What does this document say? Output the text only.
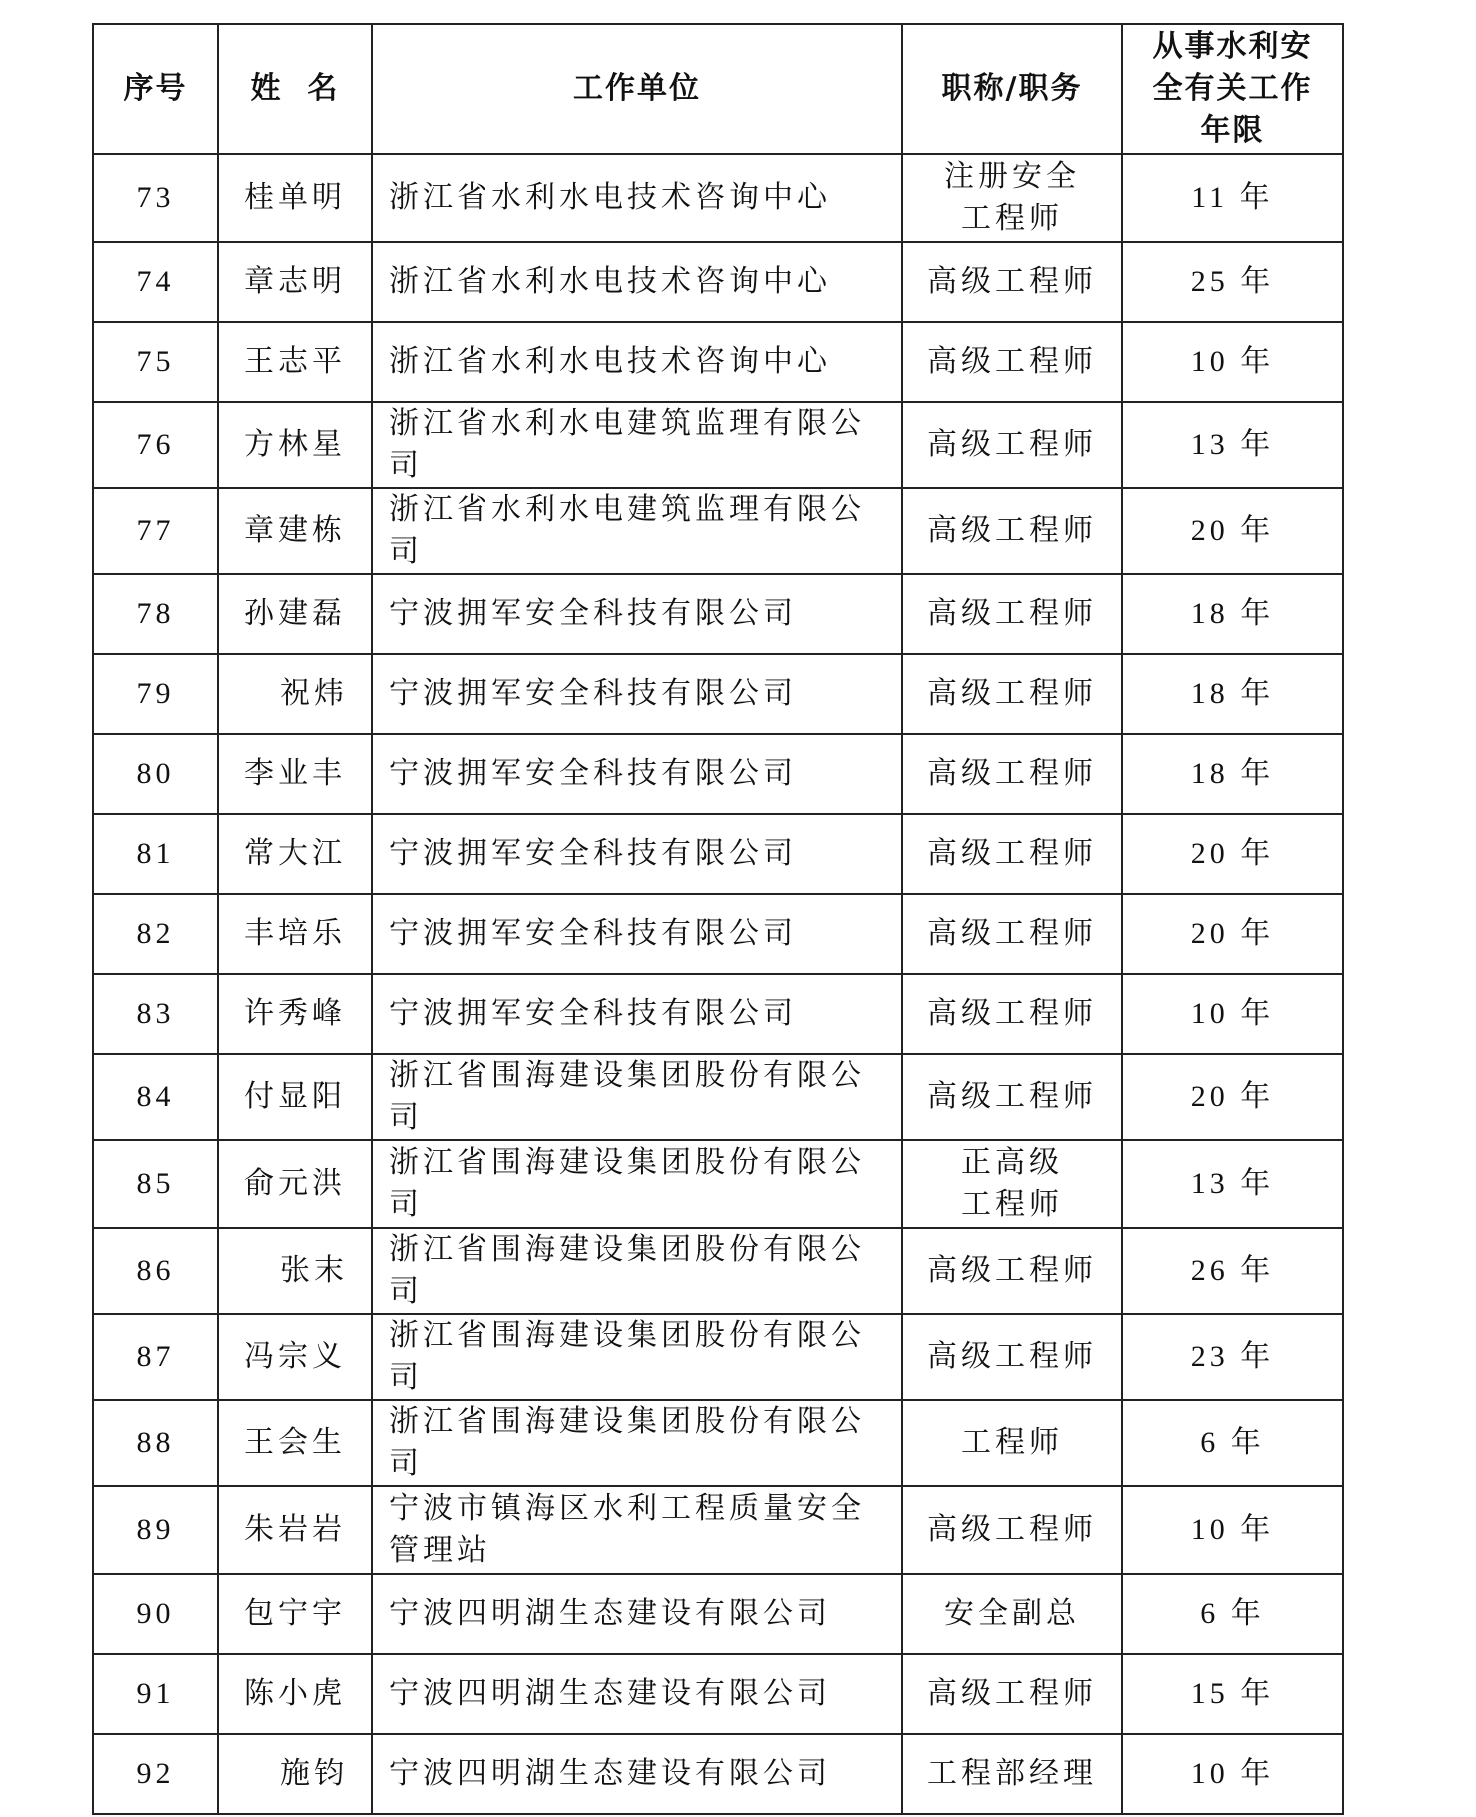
序号	姓  名	工作单位	职称/职务	从事水利安
全有关工作
年限

73	桂单明	浙江省水利水电技术咨询中心	注册安全
工程师	11 年
74	章志明	浙江省水利水电技术咨询中心	高级工程师	25 年
75	王志平	浙江省水利水电技术咨询中心	高级工程师	10 年
76	方林星	浙江省水利水电建筑监理有限公司	高级工程师	13 年
77	章建栋	浙江省水利水电建筑监理有限公司	高级工程师	20 年
78	孙建磊	宁波拥军安全科技有限公司	高级工程师	18 年
79	祝炜	宁波拥军安全科技有限公司	高级工程师	18 年
80	李业丰	宁波拥军安全科技有限公司	高级工程师	18 年
81	常大江	宁波拥军安全科技有限公司	高级工程师	20 年
82	丰培乐	宁波拥军安全科技有限公司	高级工程师	20 年
83	许秀峰	宁波拥军安全科技有限公司	高级工程师	10 年
84	付显阳	浙江省围海建设集团股份有限公司	高级工程师	20 年
85	俞元洪	浙江省围海建设集团股份有限公司	正高级
工程师	13 年
86	张末	浙江省围海建设集团股份有限公司	高级工程师	26 年
87	冯宗义	浙江省围海建设集团股份有限公司	高级工程师	23 年
88	王会生	浙江省围海建设集团股份有限公司	工程师	6 年
89	朱岩岩	宁波市镇海区水利工程质量安全管理站	高级工程师	10 年
90	包宁宇	宁波四明湖生态建设有限公司	安全副总	6 年
91	陈小虎	宁波四明湖生态建设有限公司	高级工程师	15 年
92	施钧	宁波四明湖生态建设有限公司	工程部经理	10 年
